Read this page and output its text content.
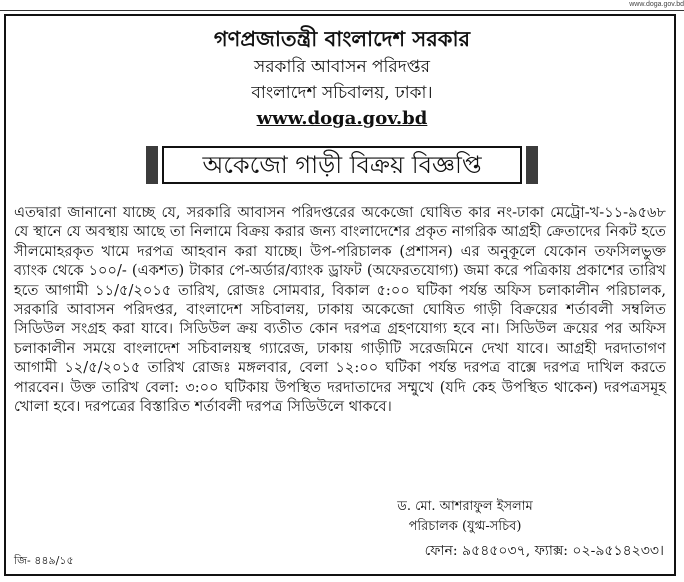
www.doga.gov.bd
গণপ্রজাতন্ত্রী বাংলাদেশ সরকার
সরকারি আবাসন পরিদপ্তর
বাংলাদেশ সচিবালয়, ঢাকা।
www.doga.gov.bd
অকেজো গাড়ী বিক্রয় বিজ্ঞপ্তি
এতদ্বারা জানানো যাচ্ছে যে, সরকারি আবাসন পরিদপ্তরের অকেজো ঘোষিত কার নং-ঢাকা মেট্রো-খ-১১-৯৫৬৮ যে স্থানে যে অবস্থায় আছে তা নিলামে বিক্রয় করার জন্য বাংলাদেশের প্রকৃত নাগরিক আগ্রহী ক্রেতাদের নিকট হতে সীলমোহরকৃত খামে দরপত্র আহবান করা যাচ্ছে। উপ-পরিচালক (প্রশাসন) এর অনুকূলে যেকোন তফসিলভুক্ত ব্যাংক থেকে ১০০/- (একশত) টাকার পে-অর্ডার/ব্যাংক ড্রাফট (অফেরতযোগ্য) জমা করে পত্রিকায় প্রকাশের তারিখ হতে আগামী ১১/৫/২০১৫ তারিখ, রোজঃ সোমবার, বিকাল ৫:০০ ঘটিকা পর্যন্ত অফিস চলাকালীন পরিচালক, সরকারি আবাসন পরিদপ্তর, বাংলাদেশ সচিবালয়, ঢাকায় অকেজো ঘোষিত গাড়ী বিক্রয়ের শর্তাবলী সম্বলিত সিডিউল সংগ্রহ করা যাবে। সিডিউল ক্রয় ব্যতীত কোন দরপত্র গ্রহণযোগ্য হবে না। সিডিউল ক্রয়ের পর অফিস চলাকালীন সময়ে বাংলাদেশ সচিবালয়স্থ গ্যারেজ, ঢাকায় গাড়ীটি সরেজমিনে দেখা যাবে। আগ্রহী দরদাতাগণ আগামী ১২/৫/২০১৫ তারিখ রোজঃ মঙ্গলবার, বেলা ১২:০০ ঘটিকা পর্যন্ত দরপত্র বাক্সে দরপত্র দাখিল করতে পারবেন। উক্ত তারিখ বেলা: ৩:০০ ঘটিকায় উপস্থিত দরদাতাদের সম্মুখে (যদি কেহ উপস্থিত থাকেন) দরপত্রসমূহ খোলা হবে। দরপত্রের বিস্তারিত শর্তাবলী দরপত্র সিডিউলে থাকবে।
ড. মো. আশরাফুল ইসলাম
পরিচালক (যুগ্ম-সচিব)
ফোন: ৯৫৪৫০৩৭, ফ্যাক্স: ০২-৯৫১৪২৩৩।
জি- ৪৪৯/১৫
